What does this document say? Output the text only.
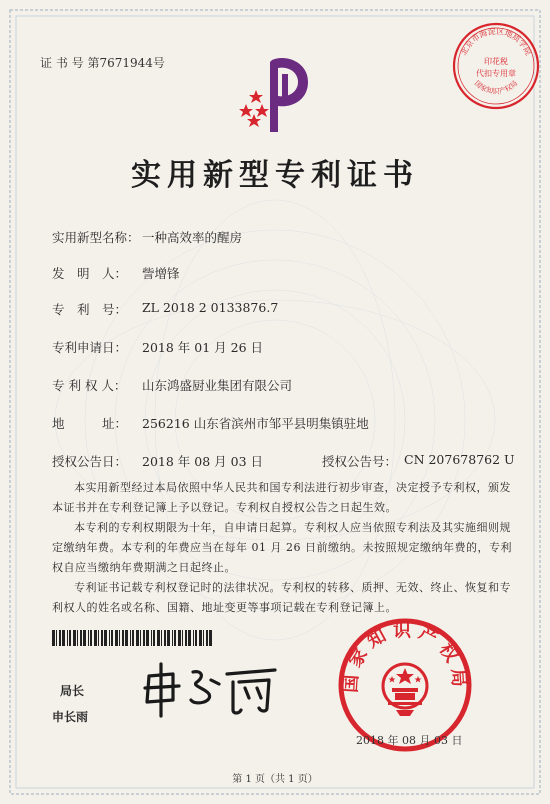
北京市海淀区地质学院
印花税
代扣专用章
国家知识产权局
证 书 号 第7671944号
实用新型专利证书
实用新型名称： 一种高效率的醒房
发　明　人： 訾增锋
专　利　号： ZL 2018 2 0133876.7
专利申请日： 2018 年 01 月 26 日
专 利 权 人： 山东鸿盛厨业集团有限公司
地　　　址： 256216 山东省滨州市邹平县明集镇驻地
授权公告日： 2018 年 08 月 03 日	授权公告号： CN 207678762 U
本实用新型经过本局依照中华人民共和国专利法进行初步审查，决定授予专利权，颁发本证书并在专利登记簿上予以登记。专利权自授权公告之日起生效。
本专利的专利权期限为十年，自申请日起算。专利权人应当依照专利法及其实施细则规定缴纳年费。本专利的年费应当在每年 01 月 26 日前缴纳。未按照规定缴纳年费的，专利权自应当缴纳年费期满之日起终止。
专利证书记载专利权登记时的法律状况。专利权的转移、质押、无效、终止、恢复和专利权人的姓名或名称、国籍、地址变更等事项记载在专利登记簿上。
局长
申长雨
国家知识产权局
2018 年 08 月 03 日
第 1 页（共 1 页）
